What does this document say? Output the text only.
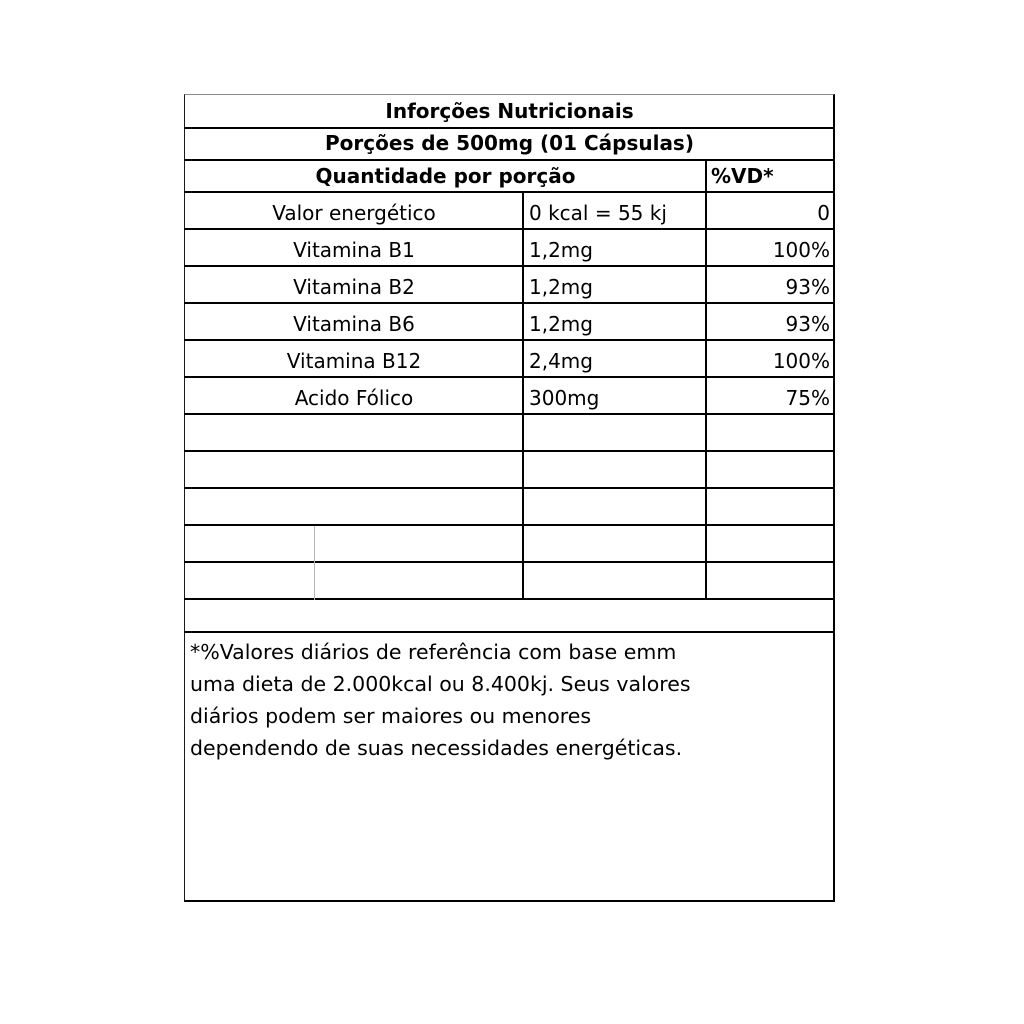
Inforções Nutricionais
Porções de 500mg (01 Cápsulas)
Quantidade por porção	%VD*
Valor energético	0 kcal = 55 kj	0
Vitamina B1	1,2mg	100%
Vitamina B2	1,2mg	93%
Vitamina B6	1,2mg	93%
Vitamina B12	2,4mg	100%
Acido Fólico	300mg	75%
*%Valores diários de referência com base emm
uma dieta de 2.000kcal ou 8.400kj. Seus valores
diários podem ser maiores ou menores
dependendo de suas necessidades energéticas.
